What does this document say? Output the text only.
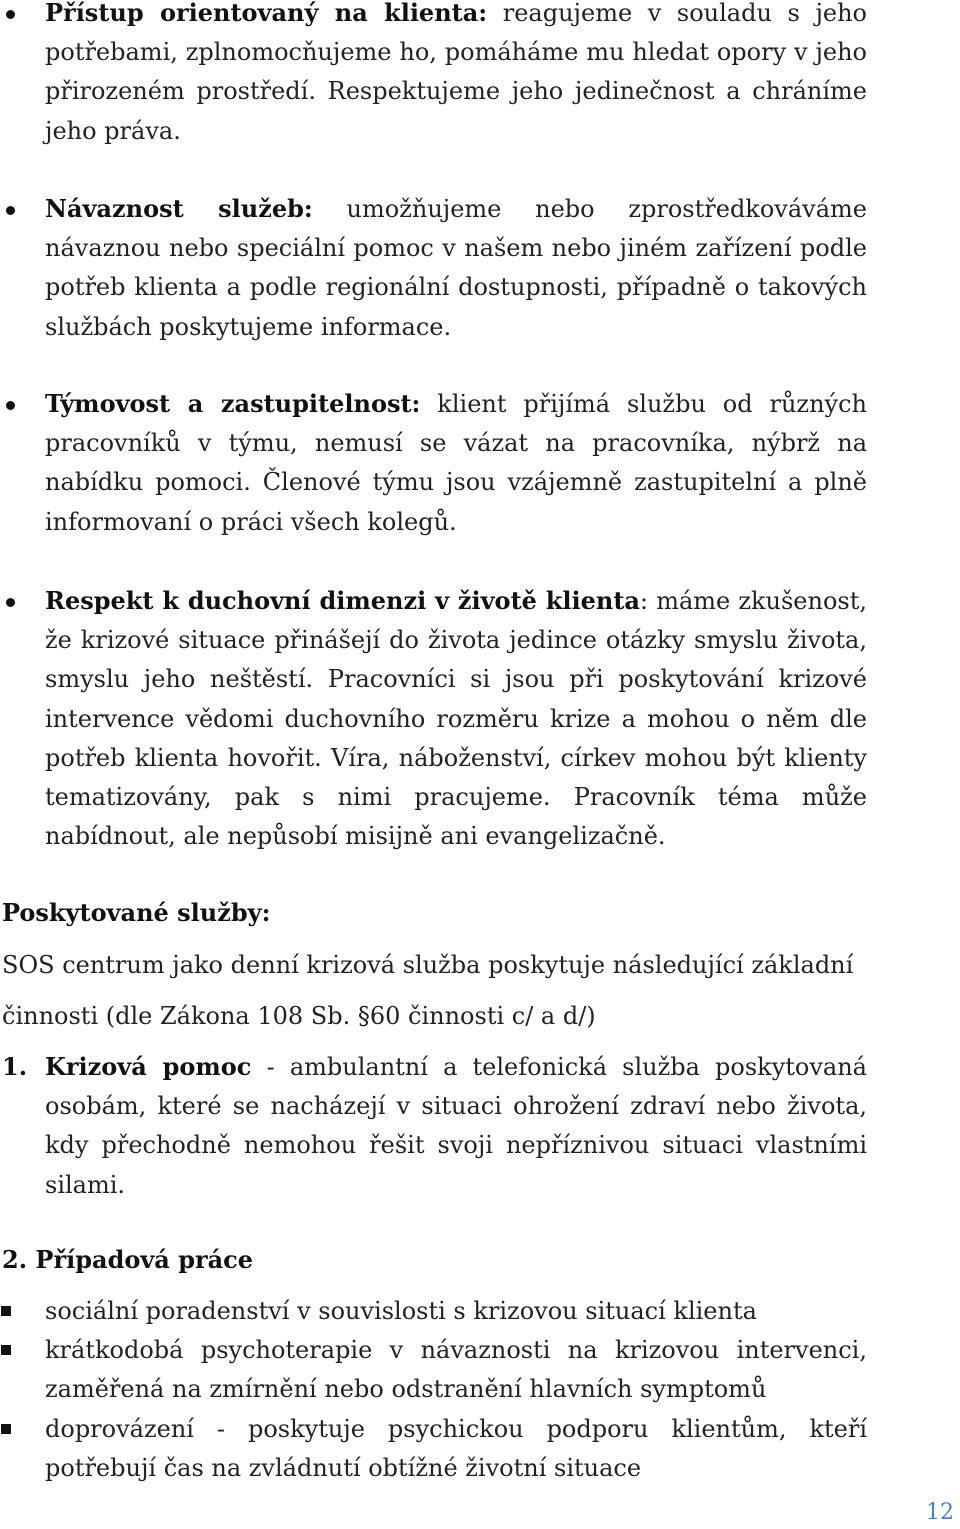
Přístup orientovaný na klienta: reagujeme v souladu s jeho potřebami, zplnomocňujeme ho, pomáháme mu hledat opory v jeho přirozeném prostředí. Respektujeme jeho jedinečnost a chráníme jeho práva.
Návaznost služeb: umožňujeme nebo zprostředkováváme návaznou nebo speciální pomoc v našem nebo jiném zařízení podle potřeb klienta a podle regionální dostupnosti, případně o takových službách poskytujeme informace.
Týmovost a zastupitelnost: klient přijímá službu od různých pracovníků v týmu, nemusí se vázat na pracovníka, nýbrž na nabídku pomoci. Členové týmu jsou vzájemně zastupitelní a plně informovaní o práci všech kolegů.
Respekt k duchovní dimenzi v životě klienta: máme zkušenost, že krizové situace přinášejí do života jedince otázky smyslu života, smyslu jeho neštěstí. Pracovníci si jsou při poskytování krizové intervence vědomi duchovního rozměru krize a mohou o něm dle potřeb klienta hovořit. Víra, náboženství, církev mohou být klienty tematizovány, pak s nimi pracujeme. Pracovník téma může nabídnout, ale nepůsobí misijně ani evangelizačně.

Poskytované služby:

SOS centrum jako denní krizová služba poskytuje následující základní

činnosti (dle Zákona 108 Sb. §60 činnosti c/ a d/)

1. Krizová pomoc - ambulantní a telefonická služba poskytovaná osobám, které se nacházejí v situaci ohrožení zdraví nebo života, kdy přechodně nemohou řešit svoji nepříznivou situaci vlastními silami.

2. Případová práce

sociální poradenství v souvislosti s krizovou situací klienta
krátkodobá psychoterapie v návaznosti na krizovou intervenci, zaměřená na zmírnění nebo odstranění hlavních symptomů
doprovázení - poskytuje psychickou podporu klientům, kteří potřebují čas na zvládnutí obtížné životní situace

12
